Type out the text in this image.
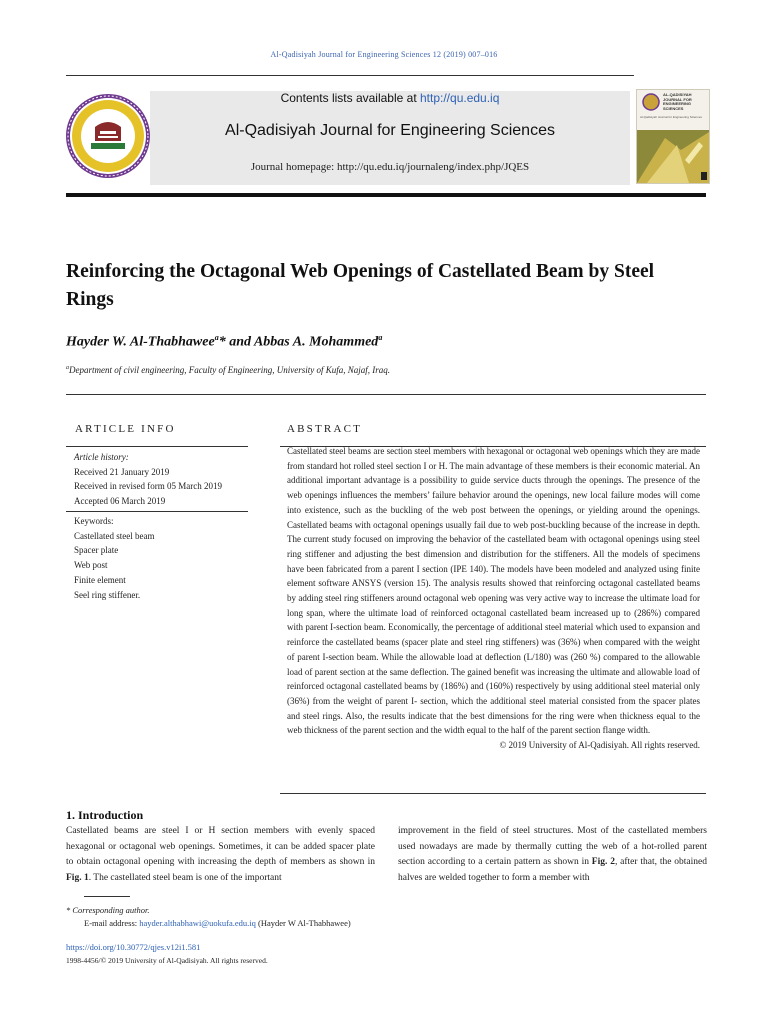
Al-Qadisiyah Journal for Engineering Sciences 12 (2019) 007–016
Contents lists available at http://qu.edu.iq
Al-Qadisiyah Journal for Engineering Sciences
Journal homepage: http://qu.edu.iq/journaleng/index.php/JQES
AL-QADISIYAH JOURNAL FOR ENGINEERING SCIENCES
Al-Qadisiyah Journal for Engineering Sciences
Reinforcing the Octagonal Web Openings of Castellated Beam by Steel Rings
Hayder W. Al-Thabhawee$^a$* and Abbas A. Mohammed$^a$
$^a$Department of civil engineering, Faculty of Engineering, University of Kufa, Najaf, Iraq.
ARTICLE INFO
Article history:
Received 21 January 2019
Received in revised form 05 March 2019
Accepted 06 March 2019
Keywords:
Castellated steel beam
Spacer plate
Web post
Finite element
Seel ring stiffener.
ABSTRACT
Castellated steel beams are section steel members with hexagonal or octagonal web openings which they are made from standard hot rolled steel section I or H. The main advantage of these members is their economic material. An additional important advantage is a possibility to guide service ducts through the openings. The presence of the web openings influences the members’ failure behavior around the openings, new local failure modes will come into existence, such as the buckling of the web post between the openings, or yielding around the openings. Castellated beams with octagonal openings usually fail due to web post-buckling because of the increase in depth. The current study focused on improving the behavior of the castellated beam with octagonal openings using steel ring stiffener and adjusting the best dimension and distribution for the stiffeners. All the models of specimens have been fabricated from a parent I section (IPE 140). The models have been modeled and analyzed using finite element software ANSYS (version 15). The analysis results showed that reinforcing octagonal castellated beams by adding steel ring stiffeners around octagonal web opening was very active way to increase the ultimate load for long span, where the ultimate load of reinforced octagonal castellated beam increased up to (286%) compared with parent I-section beam. Economically, the percentage of additional steel material which used to expansion and reinforce the castellated beams (spacer plate and steel ring stiffeners) was (36%) when compared with the weight of parent I-section beam. While the allowable load at deflection (L/180) was (260 %) compared to the allowable load of parent section at the same deflection. The gained benefit was increasing the ultimate and allowable load of reinforced octagonal castellated beams by (186%) and (160%) respectively by using additional steel material only (36%) from the weight of parent I- section, which the additional steel material consisted from the spacer plates and steel rings. Also, the results indicate that the best dimensions for the ring were when thickness equal to the web thickness of the parent section and the width equal to the half of the parent section flange width.
© 2019 University of Al-Qadisiyah. All rights reserved.
1. Introduction
Castellated beams are steel I or H section members with evenly spaced hexagonal or octagonal web openings. Sometimes, it can be added spacer plate to obtain octagonal opening with increasing the depth of members as shown in Fig. 1. The castellated steel beam is one of the important
improvement in the field of steel structures. Most of the castellated members used nowadays are made by thermally cutting the web of a hot-rolled parent section according to a certain pattern as shown in Fig. 2, after that, the obtained halves are welded together to form a member with
* Corresponding author.
E-mail address: hayder.althabhawi@uokufa.edu.iq (Hayder W Al-Thabhawee)
https://doi.org/10.30772/qjes.v12i1.581
1998-4456/© 2019 University of Al-Qadisiyah. All rights reserved.
